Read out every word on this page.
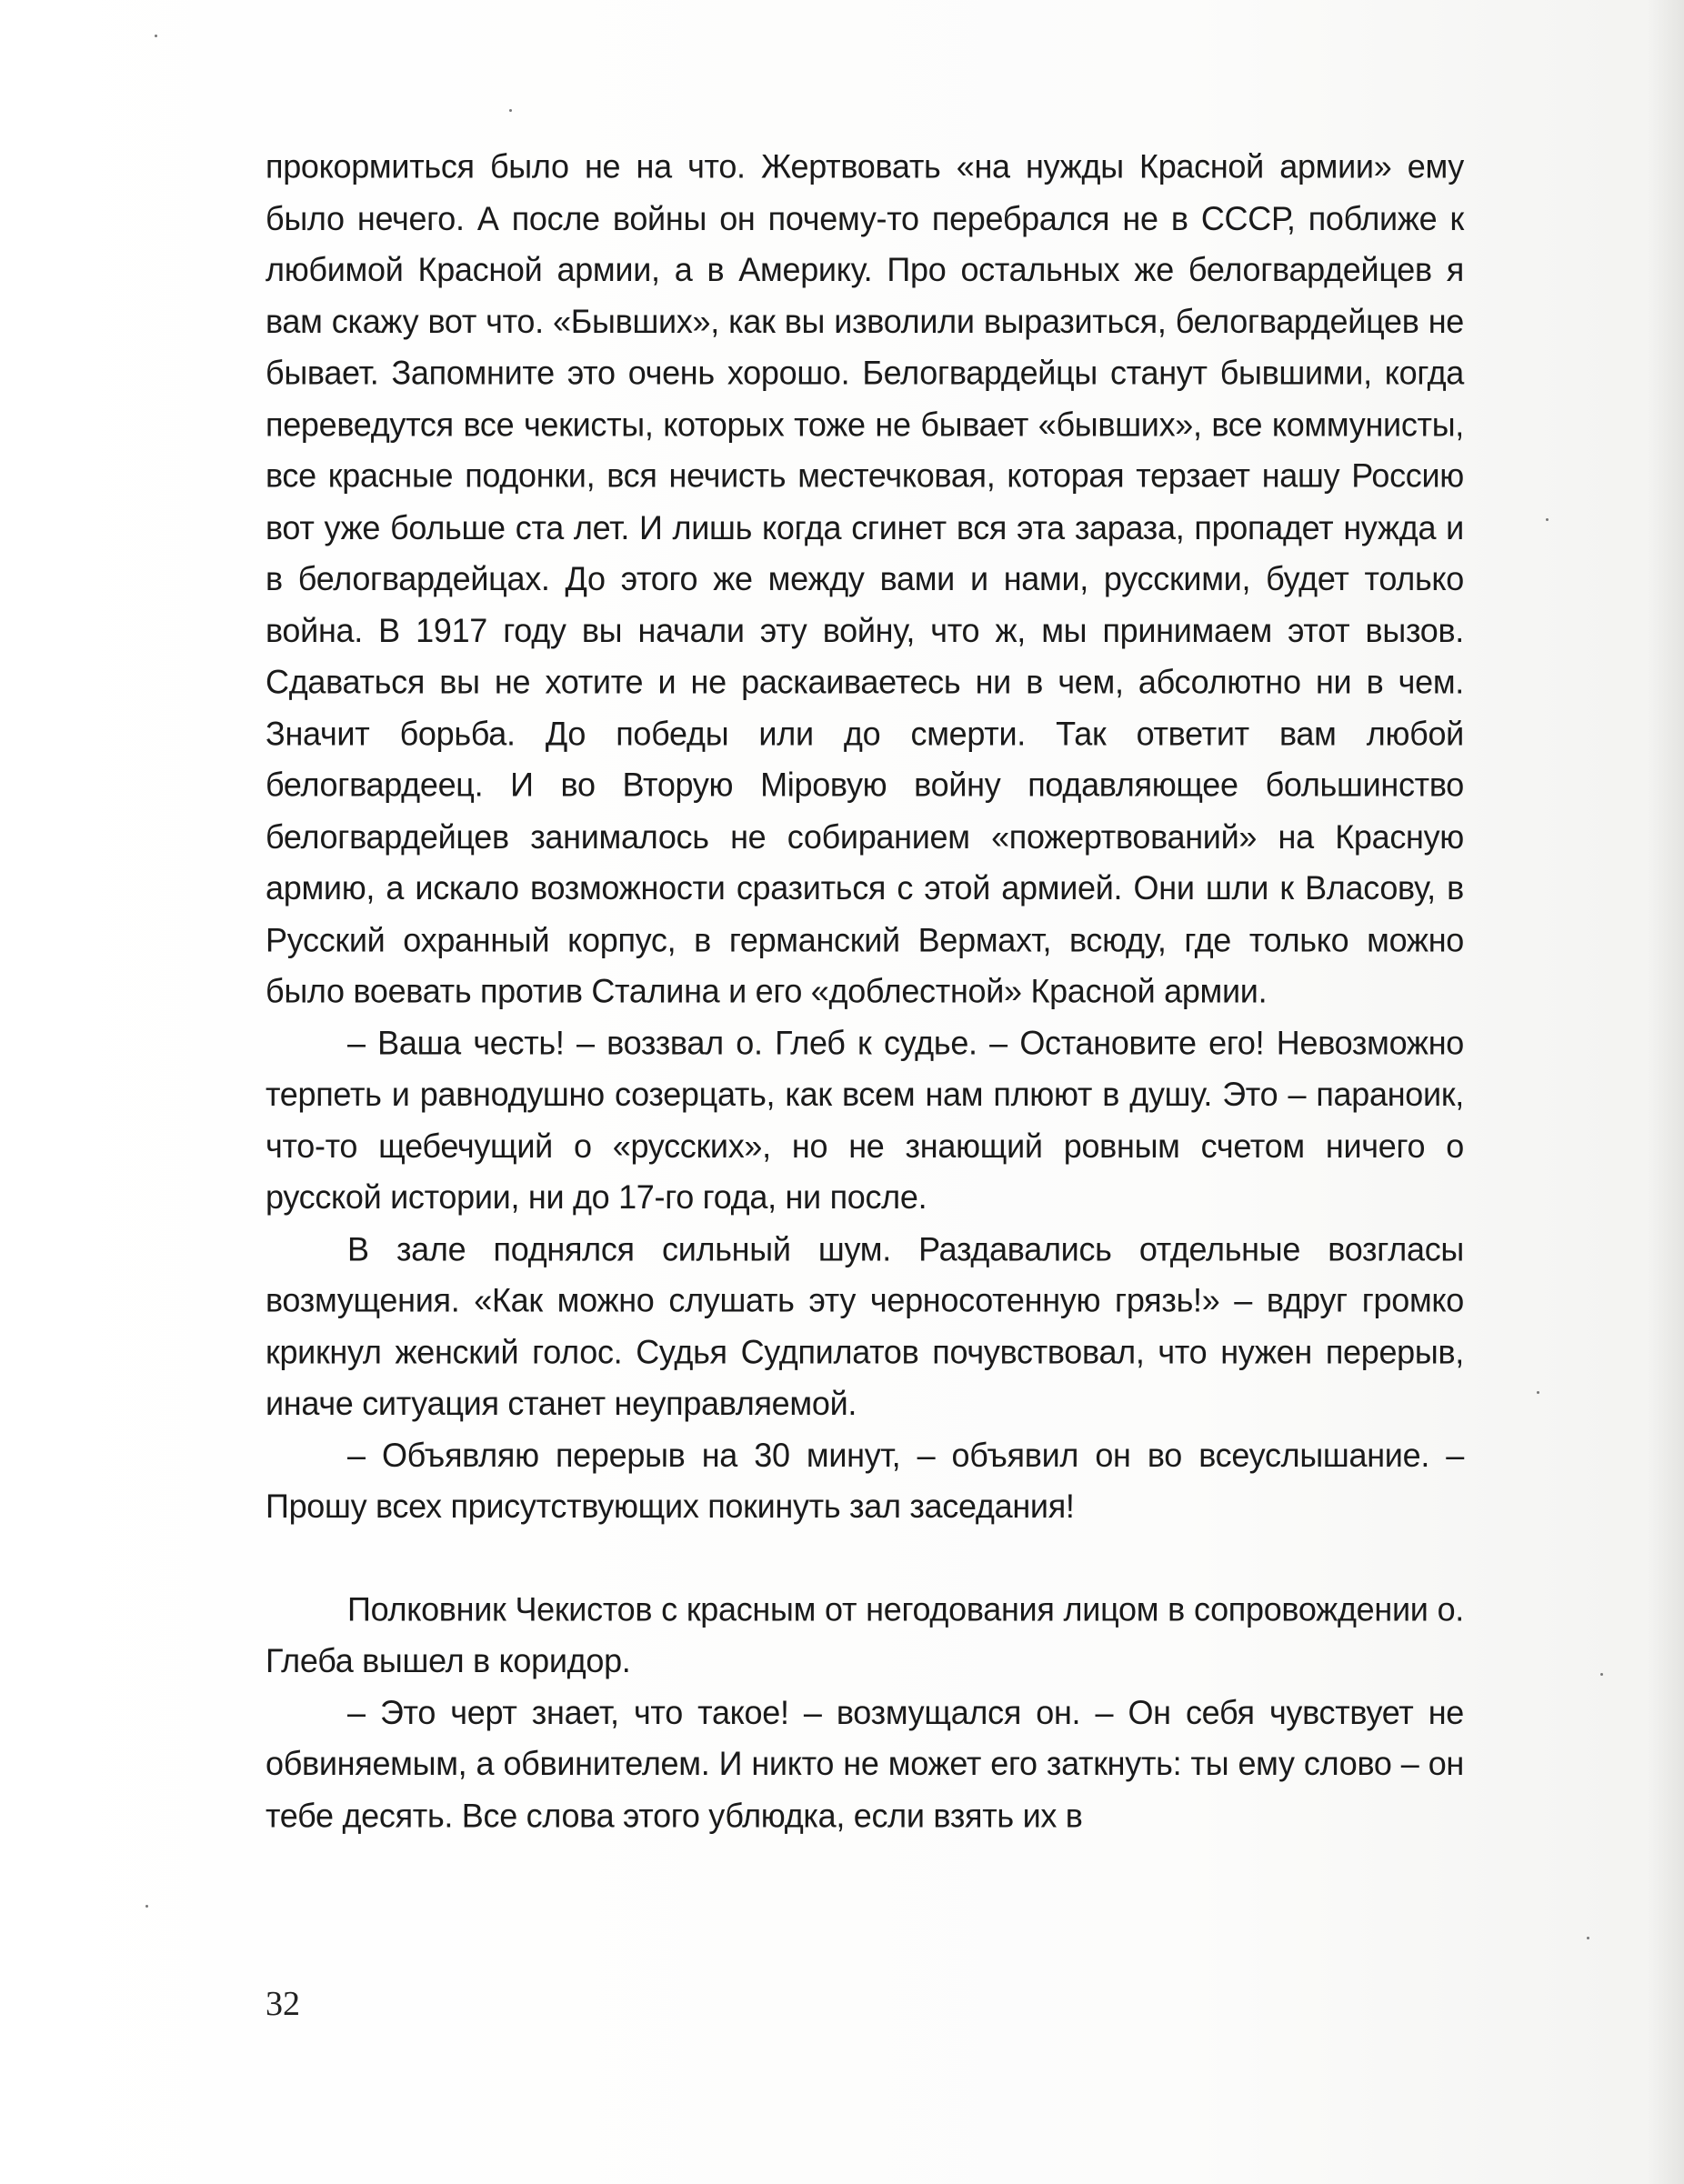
прокормиться было не на что. Жертвовать «на нужды Красной армии» ему было нечего. А после войны он почему-то перебрался не в СССР, поближе к любимой Красной армии, а в Америку. Про остальных же белогвардейцев я вам скажу вот что. «Бывших», как вы изволили выразиться, белогвардейцев не бывает. Запомните это очень хорошо. Белогвардейцы станут бывшими, когда переведутся все чекисты, которых тоже не бывает «бывших», все коммунисты, все красные подонки, вся нечисть местечковая, которая терзает нашу Россию вот уже больше ста лет. И лишь когда сгинет вся эта зараза, пропадет нужда и в белогвардейцах. До этого же между вами и нами, русскими, будет только война. В 1917 году вы начали эту войну, что ж, мы принимаем этот вызов. Сдаваться вы не хотите и не раскаиваетесь ни в чем, абсолютно ни в чем. Значит борьба. До победы или до смерти. Так ответит вам любой белогвардеец. И во Вторую Міровую войну подавляющее большинство белогвардейцев занималось не собиранием «пожертвований» на Красную армию, а искало возможности сразиться с этой армией. Они шли к Власову, в Русский охранный корпус, в германский Вермахт, всюду, где только можно было воевать против Сталина и его «доблестной» Красной армии.

– Ваша честь! – воззвал о. Глеб к судье. – Остановите его! Невозможно терпеть и равнодушно созерцать, как всем нам плюют в душу. Это – параноик, что-то щебечущий о «русских», но не знающий ровным счетом ничего о русской истории, ни до 17-го года, ни после.

В зале поднялся сильный шум. Раздавались отдельные возгласы возмущения. «Как можно слушать эту черносотенную грязь!» – вдруг громко крикнул женский голос. Судья Судпилатов почувствовал, что нужен перерыв, иначе ситуация станет неуправляемой.

– Объявляю перерыв на 30 минут, – объявил он во всеуслышание. – Прошу всех присутствующих покинуть зал заседания!

Полковник Чекистов с красным от негодования лицом в сопровождении о. Глеба вышел в коридор.

– Это черт знает, что такое! – возмущался он. – Он себя чувствует не обвиняемым, а обвинителем. И никто не может его заткнуть: ты ему слово – он тебе десять. Все слова этого ублюдка, если взять их в

32
